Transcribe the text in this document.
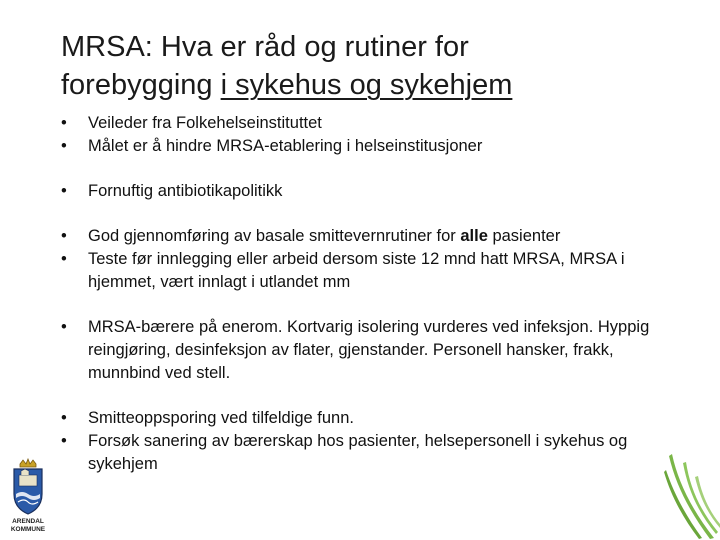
MRSA: Hva er råd og rutiner for
forebygging i sykehus og sykehjem
• Veileder fra Folkehelseinstituttet
• Målet er å hindre MRSA-etablering i helseinstitusjoner
• Fornuftig antibiotikapolitikk
• God gjennomføring av basale smittevernrutiner for alle pasienter
• Teste før innlegging eller arbeid dersom siste 12 mnd hatt MRSA, MRSA i hjemmet, vært innlagt i utlandet mm
• MRSA-bærere på enerom. Kortvarig isolering vurderes ved infeksjon. Hyppig reingjøring, desinfeksjon av flater, gjenstander. Personell hansker, frakk, munnbind ved stell.
• Smitteoppsporing ved tilfeldige funn.
• Forsøk sanering av bærerskap hos pasienter, helsepersonell i sykehus og sykehjem
ARENDAL
KOMMUNE
